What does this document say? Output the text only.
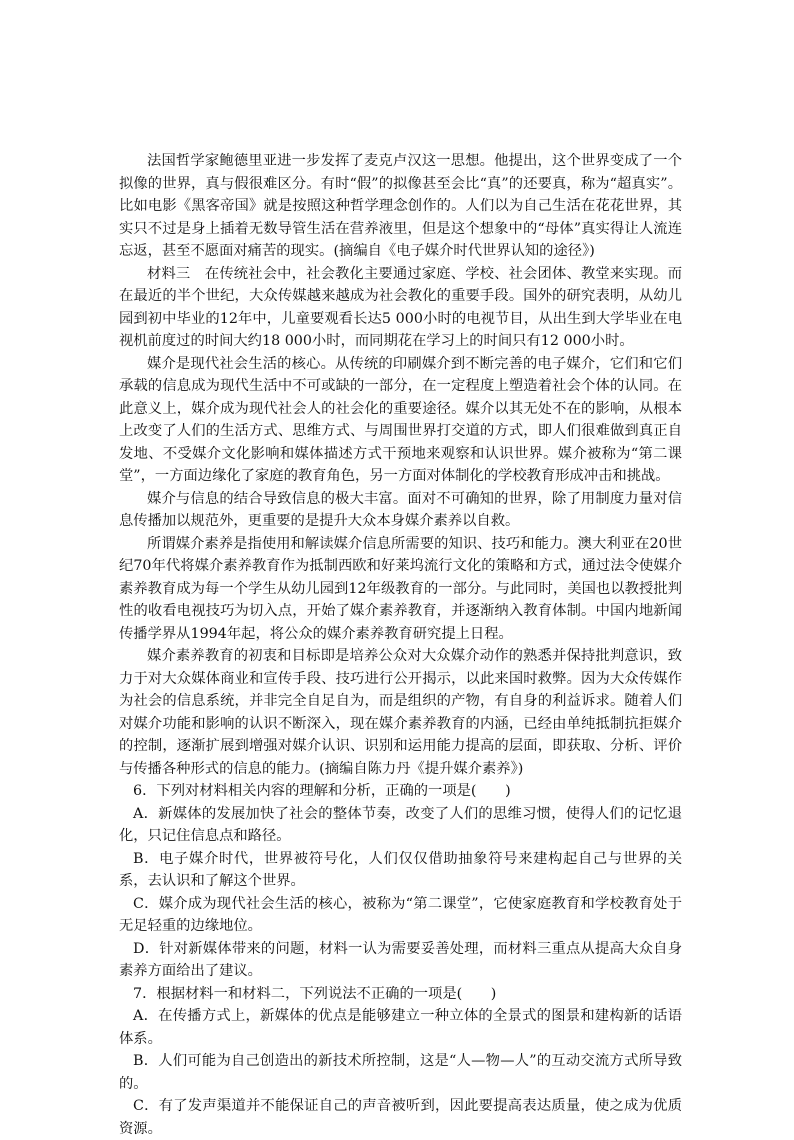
法国哲学家鲍德里亚进一步发挥了麦克卢汉这一思想。他提出，这个世界变成了一个拟像的世界，真与假很难区分。有时“假”的拟像甚至会比“真”的还要真，称为“超真实”。比如电影《黑客帝国》就是按照这种哲学理念创作的。人们以为自己生活在花花世界，其实只不过是身上插着无数导管生活在营养液里，但是这个想象中的“母体”真实得让人流连忘返，甚至不愿面对痛苦的现实。(摘编自《电子媒介时代世界认知的途径》)

材料三　在传统社会中，社会教化主要通过家庭、学校、社会团体、教堂来实现。而在最近的半个世纪，大众传媒越来越成为社会教化的重要手段。国外的研究表明，从幼儿园到初中毕业的12年中，儿童要观看长达5 000小时的电视节目，从出生到大学毕业在电视机前度过的时间大约18 000小时，而同期花在学习上的时间只有12 000小时。

媒介是现代社会生活的核心。从传统的印刷媒介到不断完善的电子媒介，它们和它们承载的信息成为现代生活中不可或缺的一部分，在一定程度上塑造着社会个体的认同。在此意义上，媒介成为现代社会人的社会化的重要途径。媒介以其无处不在的影响，从根本上改变了人们的生活方式、思维方式、与周围世界打交道的方式，即人们很难做到真正自发地、不受媒介文化影响和媒体描述方式干预地来观察和认识世界。媒介被称为“第二课堂”，一方面边缘化了家庭的教育角色，另一方面对体制化的学校教育形成冲击和挑战。

媒介与信息的结合导致信息的极大丰富。面对不可确知的世界，除了用制度力量对信息传播加以规范外，更重要的是提升大众本身媒介素养以自救。

所谓媒介素养是指使用和解读媒介信息所需要的知识、技巧和能力。澳大利亚在20世纪70年代将媒介素养教育作为抵制西欧和好莱坞流行文化的策略和方式，通过法令使媒介素养教育成为每一个学生从幼儿园到12年级教育的一部分。与此同时，美国也以教授批判性的收看电视技巧为切入点，开始了媒介素养教育，并逐渐纳入教育体制。中国内地新闻传播学界从1994年起，将公众的媒介素养教育研究提上日程。

媒介素养教育的初衷和目标即是培养公众对大众媒介动作的熟悉并保持批判意识，致力于对大众媒体商业和宣传手段、技巧进行公开揭示，以此来国时救弊。因为大众传媒作为社会的信息系统，并非完全自足自为，而是组织的产物，有自身的利益诉求。随着人们对媒介功能和影响的认识不断深入，现在媒介素养教育的内涵，已经由单纯抵制抗拒媒介的控制，逐渐扩展到增强对媒介认识、识别和运用能力提高的层面，即获取、分析、评价与传播各种形式的信息的能力。(摘编自陈力丹《提升媒介素养》)

6．下列对材料相关内容的理解和分析，正确的一项是(　　)

A．新媒体的发展加快了社会的整体节奏，改变了人们的思维习惯，使得人们的记忆退化，只记住信息点和路径。

B．电子媒介时代，世界被符号化，人们仅仅借助抽象符号来建构起自己与世界的关系，去认识和了解这个世界。

C．媒介成为现代社会生活的核心，被称为“第二课堂”，它使家庭教育和学校教育处于无足轻重的边缘地位。

D．针对新媒体带来的问题，材料一认为需要妥善处理，而材料三重点从提高大众自身素养方面给出了建议。

7．根据材料一和材料二，下列说法不正确的一项是(　　)

A．在传播方式上，新媒体的优点是能够建立一种立体的全景式的图景和建构新的话语体系。

B．人们可能为自己创造出的新技术所控制，这是“人—物—人”的互动交流方式所导致的。

C．有了发声渠道并不能保证自己的声音被听到，因此要提高表达质量，使之成为优质资源。
